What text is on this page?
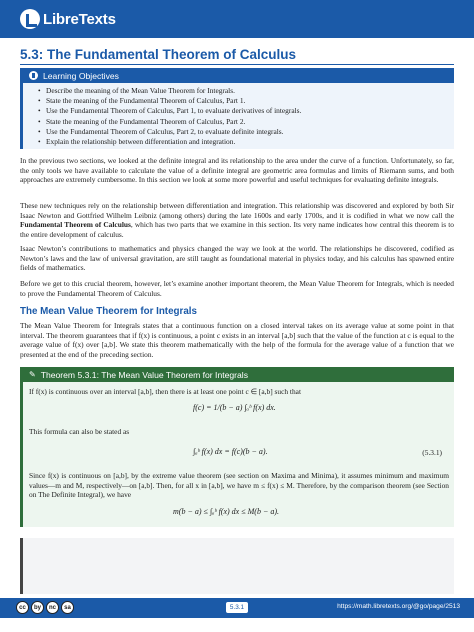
LibreTexts
5.3: The Fundamental Theorem of Calculus
Learning Objectives
• Describe the meaning of the Mean Value Theorem for Integrals.
• State the meaning of the Fundamental Theorem of Calculus, Part 1.
• Use the Fundamental Theorem of Calculus, Part 1, to evaluate derivatives of integrals.
• State the meaning of the Fundamental Theorem of Calculus, Part 2.
• Use the Fundamental Theorem of Calculus, Part 2, to evaluate definite integrals.
• Explain the relationship between differentiation and integration.

In the previous two sections, we looked at the definite integral and its relationship to the area under the curve of a function. Unfortunately, so far, the only tools we have available to calculate the value of a definite integral are geometric area formulas and limits of Riemann sums, and both approaches are extremely cumbersome. In this section we look at some more powerful and useful techniques for evaluating definite integrals.

These new techniques rely on the relationship between differentiation and integration. This relationship was discovered and explored by both Sir Isaac Newton and Gottfried Wilhelm Leibniz (among others) during the late 1600s and early 1700s, and it is codified in what we now call the Fundamental Theorem of Calculus, which has two parts that we examine in this section. Its very name indicates how central this theorem is to the entire development of calculus.

Isaac Newton’s contributions to mathematics and physics changed the way we look at the world. The relationships he discovered, codified as Newton’s laws and the law of universal gravitation, are still taught as foundational material in physics today, and his calculus has spawned entire fields of mathematics.

Before we get to this crucial theorem, however, let’s examine another important theorem, the Mean Value Theorem for Integrals, which is needed to prove the Fundamental Theorem of Calculus.

The Mean Value Theorem for Integrals

The Mean Value Theorem for Integrals states that a continuous function on a closed interval takes on its average value at some point in that interval. The theorem guarantees that if f(x) is continuous, a point c exists in an interval [a,b] such that the value of the function at c is equal to the average value of f(x) over [a,b]. We state this theorem mathematically with the help of the formula for the average value of a function that we presented at the end of the preceding section.

✎ Theorem 5.3.1: The Mean Value Theorem for Integrals

If f(x) is continuous over an interval [a,b], then there is at least one point c ∈ [a,b] such that

f(c) = 1/(b − a) ∫ₐᵇ f(x) dx.

This formula can also be stated as

∫ₐᵇ f(x) dx = f(c)(b − a).	(5.3.1)

Since f(x) is continuous on [a,b], by the extreme value theorem (see section on Maxima and Minima), it assumes minimum and maximum values—m and M, respectively—on [a,b]. Then, for all x in [a,b], we have m ≤ f(x) ≤ M. Therefore, by the comparison theorem (see Section on The Definite Integral), we have

m(b − a) ≤ ∫ₐᵇ f(x) dx ≤ M(b − a).
cc	by	nc	sa	5.3.1	https://math.libretexts.org/@go/page/2513
